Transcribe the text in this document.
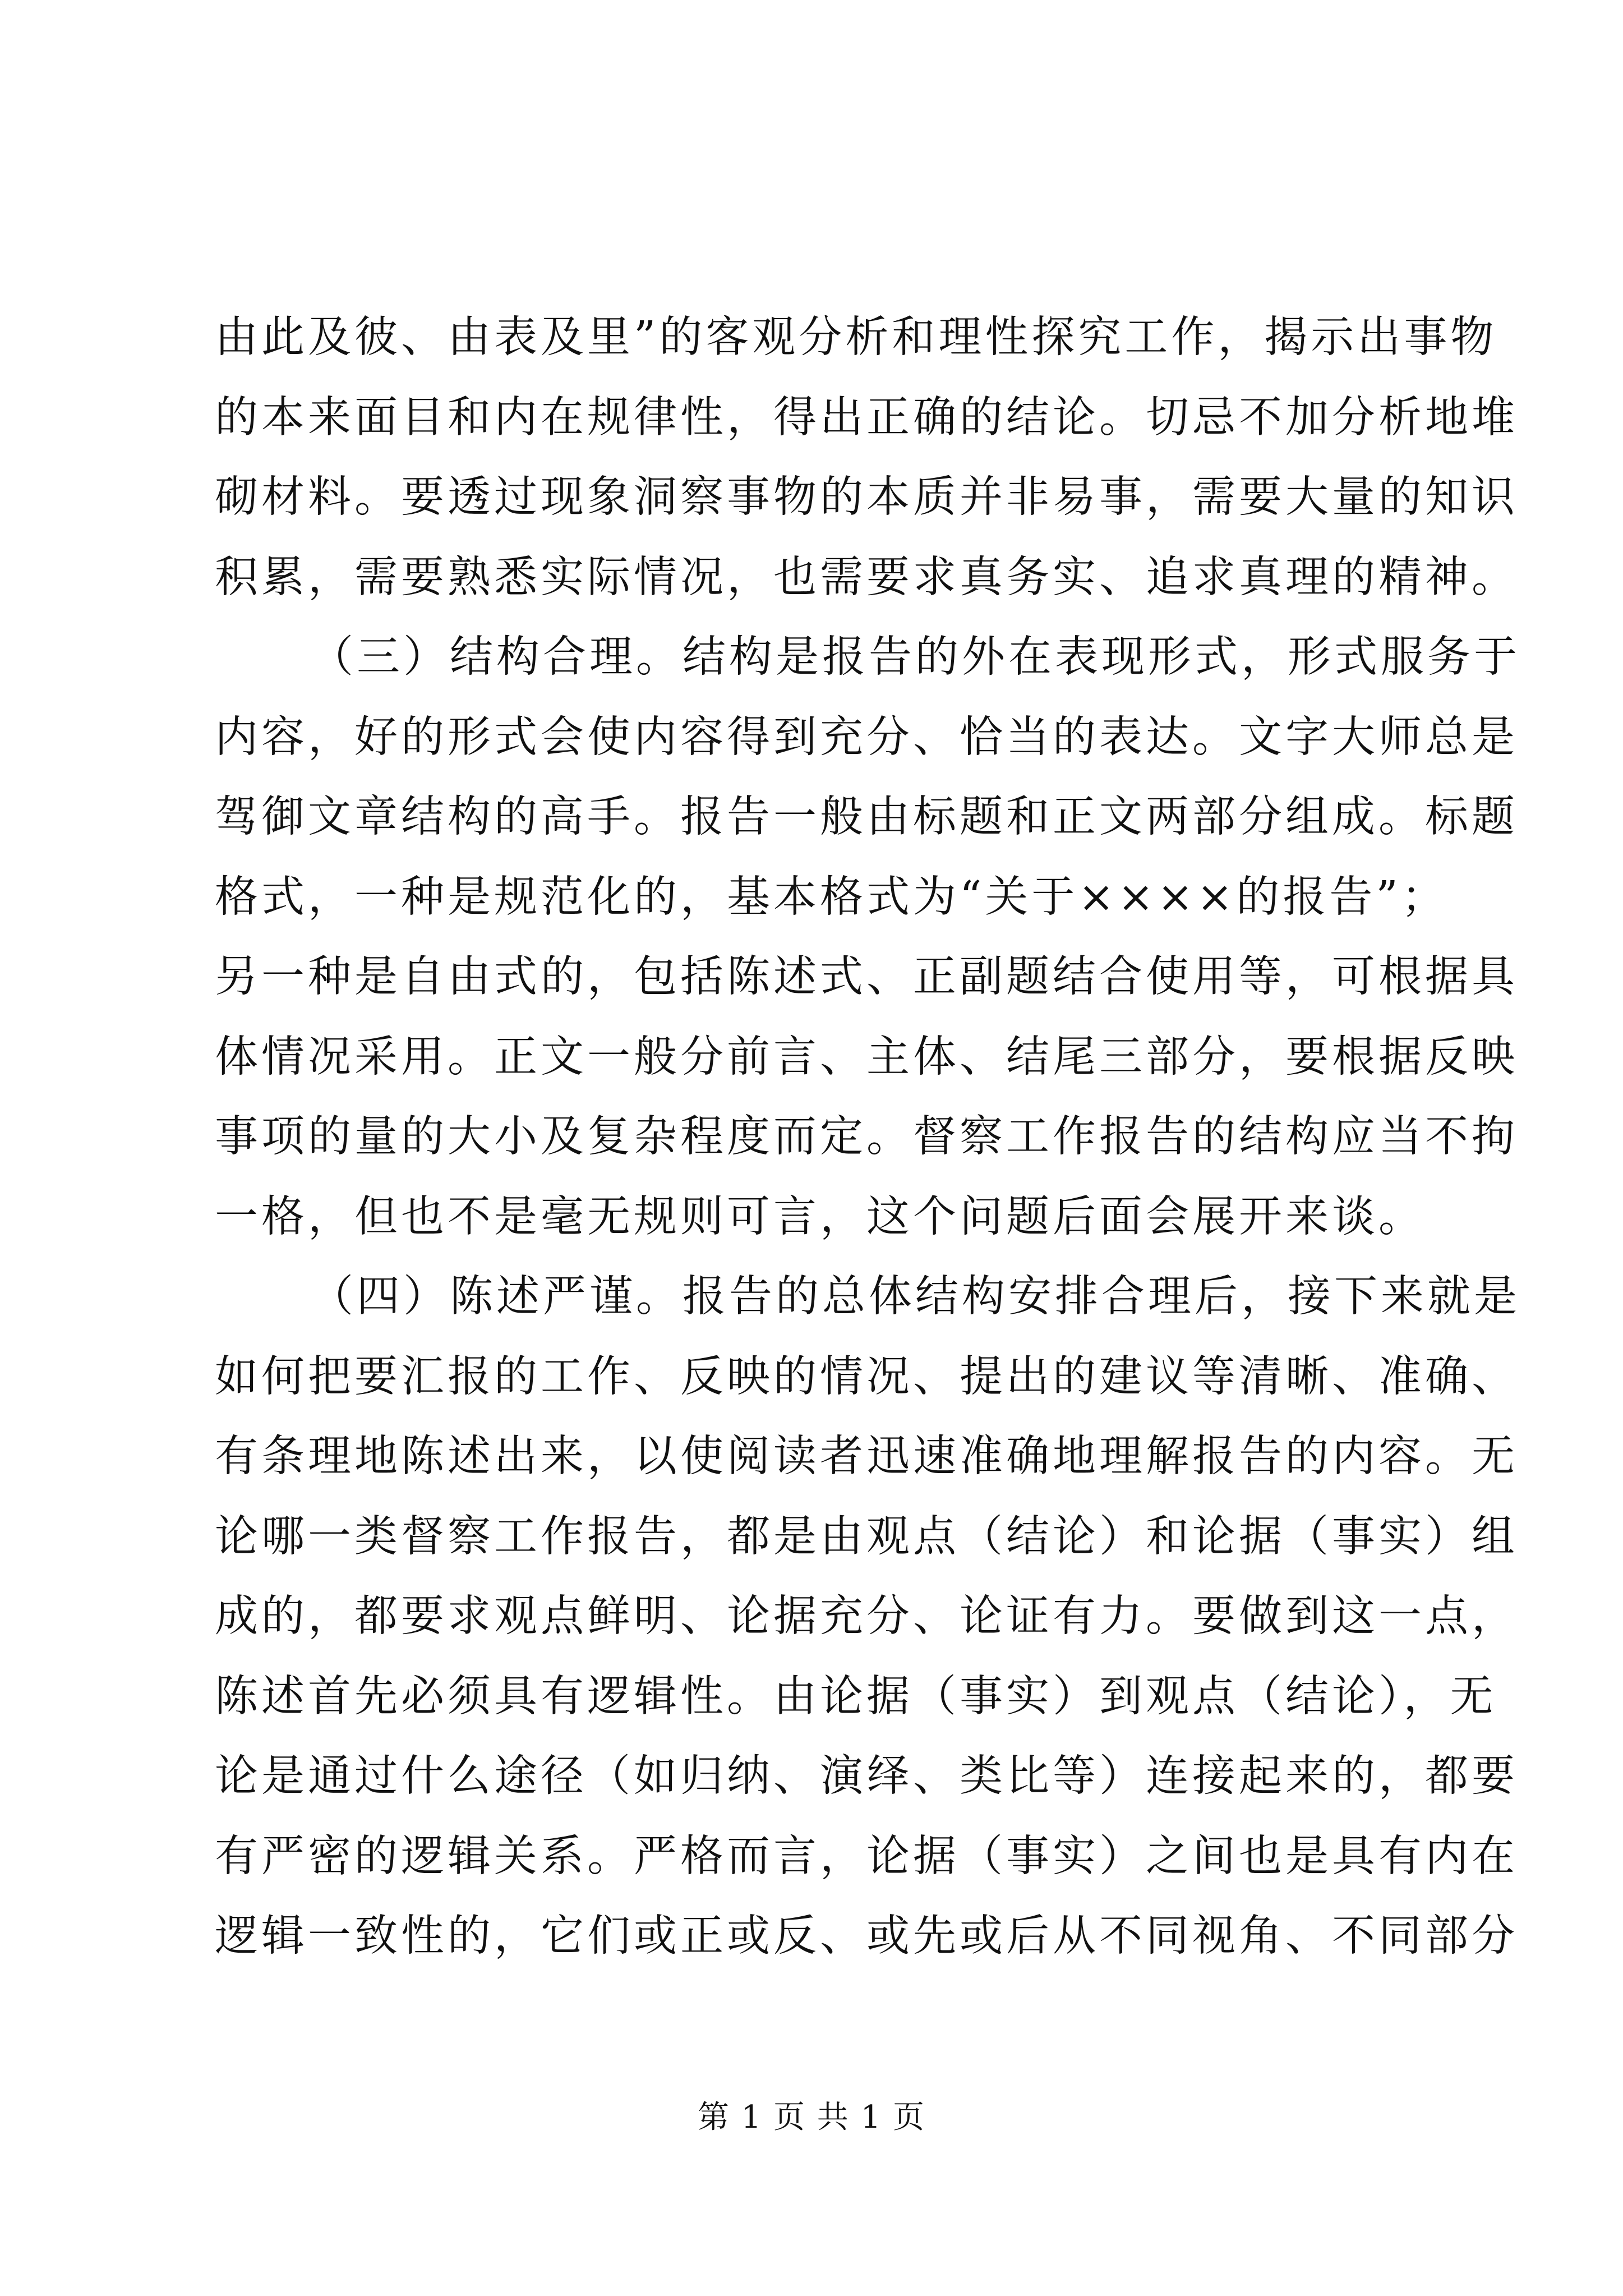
由此及彼、由表及里”的客观分析和理性探究工作，揭示出事物
的本来面目和内在规律性，得出正确的结论。切忌不加分析地堆
砌材料。要透过现象洞察事物的本质并非易事，需要大量的知识
积累，需要熟悉实际情况，也需要求真务实、追求真理的精神。
（三）结构合理。结构是报告的外在表现形式，形式服务于
内容，好的形式会使内容得到充分、恰当的表达。文字大师总是
驾御文章结构的高手。报告一般由标题和正文两部分组成。标题
格式，一种是规范化的，基本格式为“关于××××的报告”；
另一种是自由式的，包括陈述式、正副题结合使用等，可根据具
体情况采用。正文一般分前言、主体、结尾三部分，要根据反映
事项的量的大小及复杂程度而定。督察工作报告的结构应当不拘
一格，但也不是毫无规则可言，这个问题后面会展开来谈。
（四）陈述严谨。报告的总体结构安排合理后，接下来就是
如何把要汇报的工作、反映的情况、提出的建议等清晰、准确、
有条理地陈述出来，以使阅读者迅速准确地理解报告的内容。无
论哪一类督察工作报告，都是由观点（结论）和论据（事实）组
成的，都要求观点鲜明、论据充分、论证有力。要做到这一点，
陈述首先必须具有逻辑性。由论据（事实）到观点（结论），无
论是通过什么途径（如归纳、演绎、类比等）连接起来的，都要
有严密的逻辑关系。严格而言，论据（事实）之间也是具有内在
逻辑一致性的，它们或正或反、或先或后从不同视角、不同部分
第 1 页 共 1 页
